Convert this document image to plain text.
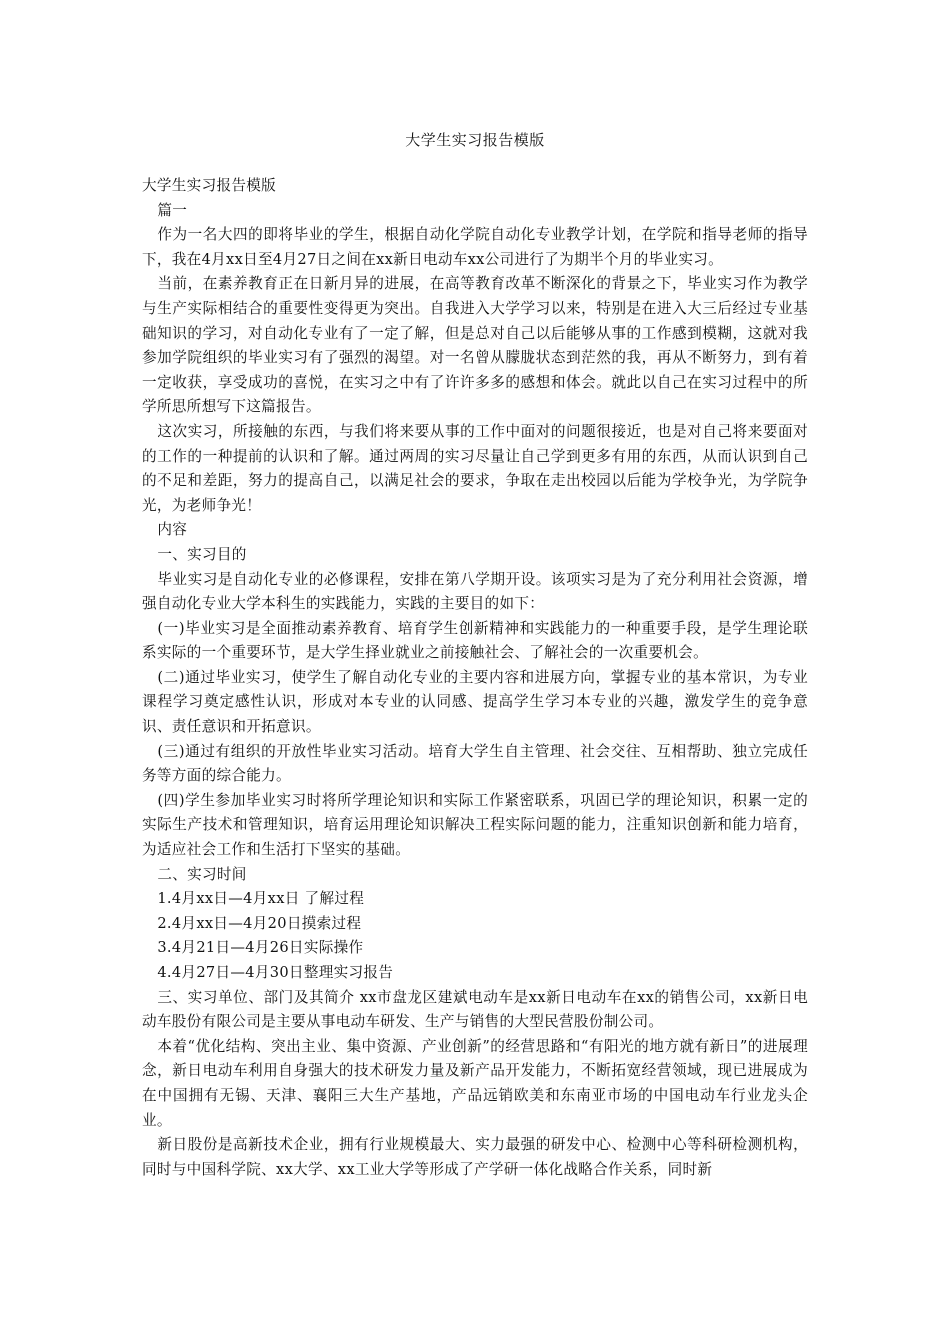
大学生实习报告模版

大学生实习报告模版

篇一

作为一名大四的即将毕业的学生，根据自动化学院自动化专业教学计划，在学院和指导老师的指导下，我在4月xx日至4月27日之间在xx新日电动车xx公司进行了为期半个月的毕业实习。

当前，在素养教育正在日新月异的进展，在高等教育改革不断深化的背景之下，毕业实习作为教学与生产实际相结合的重要性变得更为突出。自我进入大学学习以来，特别是在进入大三后经过专业基础知识的学习，对自动化专业有了一定了解，但是总对自己以后能够从事的工作感到模糊，这就对我参加学院组织的毕业实习有了强烈的渴望。对一名曾从朦胧状态到茫然的我，再从不断努力，到有着一定收获，享受成功的喜悦，在实习之中有了许许多多的感想和体会。就此以自己在实习过程中的所学所思所想写下这篇报告。

这次实习，所接触的东西，与我们将来要从事的工作中面对的问题很接近，也是对自己将来要面对的工作的一种提前的认识和了解。通过两周的实习尽量让自己学到更多有用的东西，从而认识到自己的不足和差距，努力的提高自己，以满足社会的要求，争取在走出校园以后能为学校争光，为学院争光，为老师争光！

内容

一、实习目的

毕业实习是自动化专业的必修课程，安排在第八学期开设。该项实习是为了充分利用社会资源，增强自动化专业大学本科生的实践能力，实践的主要目的如下：

(一)毕业实习是全面推动素养教育、培育学生创新精神和实践能力的一种重要手段，是学生理论联系实际的一个重要环节，是大学生择业就业之前接触社会、了解社会的一次重要机会。

(二)通过毕业实习，使学生了解自动化专业的主要内容和进展方向，掌握专业的基本常识，为专业课程学习奠定感性认识，形成对本专业的认同感、提高学生学习本专业的兴趣，激发学生的竞争意识、责任意识和开拓意识。

(三)通过有组织的开放性毕业实习活动。培育大学生自主管理、社会交往、互相帮助、独立完成任务等方面的综合能力。

(四)学生参加毕业实习时将所学理论知识和实际工作紧密联系，巩固已学的理论知识，积累一定的实际生产技术和管理知识，培育运用理论知识解决工程实际问题的能力，注重知识创新和能力培育，为适应社会工作和生活打下坚实的基础。

二、实习时间

1.4月xx日—4月xx日 了解过程

2.4月xx日—4月20日摸索过程

3.4月21日—4月26日实际操作

4.4月27日—4月30日整理实习报告

三、实习单位、部门及其简介 xx市盘龙区建斌电动车是xx新日电动车在xx的销售公司，xx新日电动车股份有限公司是主要从事电动车研发、生产与销售的大型民营股份制公司。

本着“优化结构、突出主业、集中资源、产业创新”的经营思路和“有阳光的地方就有新日”的进展理念，新日电动车利用自身强大的技术研发力量及新产品开发能力，不断拓宽经营领域，现已进展成为在中国拥有无锡、天津、襄阳三大生产基地，产品远销欧美和东南亚市场的中国电动车行业龙头企业。

新日股份是高新技术企业，拥有行业规模最大、实力最强的研发中心、检测中心等科研检测机构，同时与中国科学院、xx大学、xx工业大学等形成了产学研一体化战略合作关系，同时新
